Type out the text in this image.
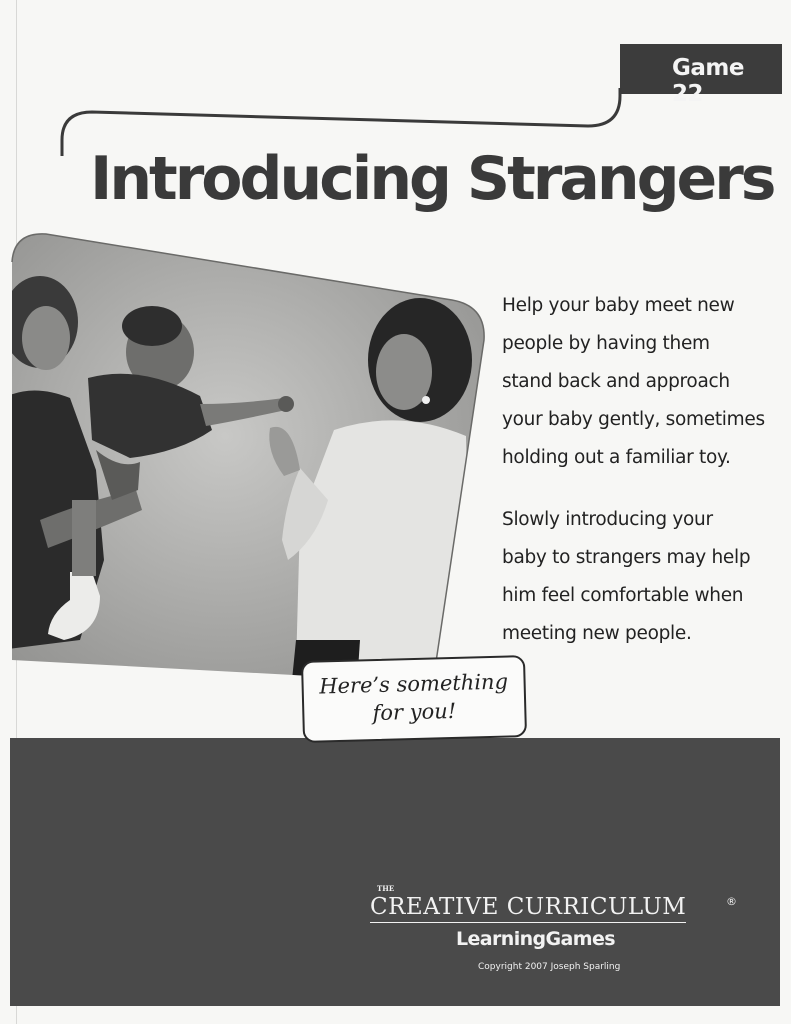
Game 22
Introducing Strangers
Help your baby meet new
people by having them
stand back and approach
your baby gently, sometimes
holding out a familiar toy.
Slowly introducing your
baby to strangers may help
him feel comfortable when
meeting new people.
Here’s something
for you!
THE
CREATIVE CURRICULUM	®
LearningGames
Copyright 2007 Joseph Sparling
